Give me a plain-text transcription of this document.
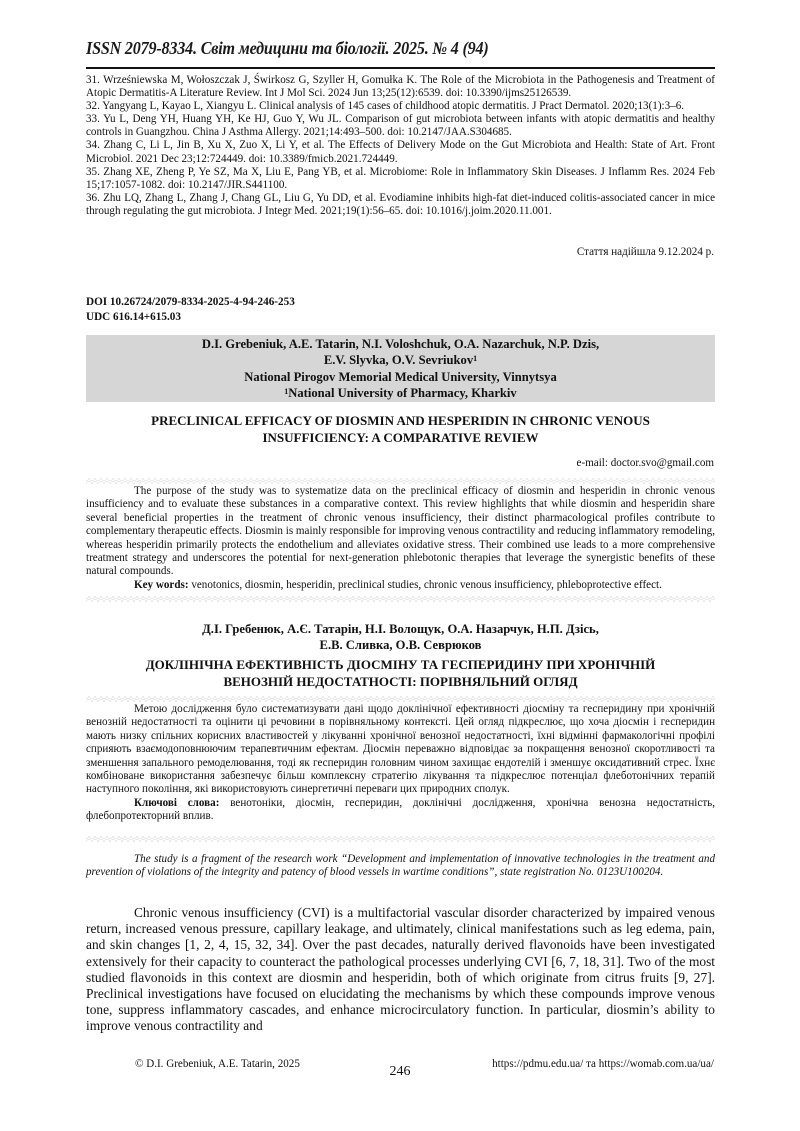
ISSN 2079-8334. Світ медицини та біології. 2025. № 4 (94)

31. Wrześniewska M, Wołoszczak J, Świrkosz G, Szyller H, Gomułka K. The Role of the Microbiota in the Pathogenesis and Treatment of Atopic Dermatitis-A Literature Review. Int J Mol Sci. 2024 Jun 13;25(12):6539. doi: 10.3390/ijms25126539.

32. Yangyang L, Kayao L, Xiangyu L. Clinical analysis of 145 cases of childhood atopic dermatitis. J Pract Dermatol. 2020;13(1):3–6.

33. Yu L, Deng YH, Huang YH, Ke HJ, Guo Y, Wu JL. Comparison of gut microbiota between infants with atopic dermatitis and healthy controls in Guangzhou. China J Asthma Allergy. 2021;14:493–500. doi: 10.2147/JAA.S304685.

34. Zhang C, Li L, Jin B, Xu X, Zuo X, Li Y, et al. The Effects of Delivery Mode on the Gut Microbiota and Health: State of Art. Front Microbiol. 2021 Dec 23;12:724449. doi: 10.3389/fmicb.2021.724449.

35. Zhang XE, Zheng P, Ye SZ, Ma X, Liu E, Pang YB, et al. Microbiome: Role in Inflammatory Skin Diseases. J Inflamm Res. 2024 Feb 15;17:1057-1082. doi: 10.2147/JIR.S441100.

36. Zhu LQ, Zhang L, Zhang J, Chang GL, Liu G, Yu DD, et al. Evodiamine inhibits high-fat diet-induced colitis-associated cancer in mice through regulating the gut microbiota. J Integr Med. 2021;19(1):56–65. doi: 10.1016/j.joim.2020.11.001.

Стаття надійшла 9.12.2024 р.
DOI 10.26724/2079-8334-2025-4-94-246-253
UDC 616.14+615.03
D.I. Grebeniuk, A.E. Tatarin, N.I. Voloshchuk, O.A. Nazarchuk, N.P. Dzis,
E.V. Slyvka, O.V. Sevriukov$^1$
National Pirogov Memorial Medical University, Vinnytsya
$^1$National University of Pharmacy, Kharkiv
PRECLINICAL EFFICACY OF DIOSMIN AND HESPERIDIN IN CHRONIC VENOUS
INSUFFICIENCY: A COMPARATIVE REVIEW
e-mail: doctor.svo@gmail.com

The purpose of the study was to systematize data on the preclinical efficacy of diosmin and hesperidin in chronic venous insufficiency and to evaluate these substances in a comparative context. This review highlights that while diosmin and hesperidin share several beneficial properties in the treatment of chronic venous insufficiency, their distinct pharmacological profiles contribute to complementary therapeutic effects. Diosmin is mainly responsible for improving venous contractility and reducing inflammatory remodeling, whereas hesperidin primarily protects the endothelium and alleviates oxidative stress. Their combined use leads to a more comprehensive treatment strategy and underscores the potential for next-generation phlebotonic therapies that leverage the synergistic benefits of these natural compounds.

Key words: venotonics, diosmin, hesperidin, preclinical studies, chronic venous insufficiency, phleboprotective effect.

Д.І. Гребенюк, А.Є. Татарін, Н.І. Волощук, О.А. Назарчук, Н.П. Дзісь,
Е.В. Сливка, О.В. Севрюков
ДОКЛІНІЧНА ЕФЕКТИВНІСТЬ ДІОСМІНУ ТА ГЕСПЕРИДИНУ ПРИ ХРОНІЧНІЙ
ВЕНОЗНІЙ НЕДОСТАТНОСТІ: ПОРІВНЯЛЬНИЙ ОГЛЯД

Метою дослідження було систематизувати дані щодо доклінічної ефективності діосміну та гесперидину при хронічній венозній недостатності та оцінити ці речовини в порівняльному контексті. Цей огляд підкреслює, що хоча діосмін і гесперидин мають низку спільних корисних властивостей у лікуванні хронічної венозної недостатності, їхні відмінні фармакологічні профілі сприяють взаємодоповнюючим терапевтичним ефектам. Діосмін переважно відповідає за покращення венозної скоротливості та зменшення запального ремоделювання, тоді як гесперидин головним чином захищає ендотелій і зменшує оксидативний стрес. Їхнє комбіноване використання забезпечує більш комплексну стратегію лікування та підкреслює потенціал флеботонічних терапій наступного покоління, які використовують синергетичні переваги цих природних сполук.

Ключові слова: венотоніки, діосмін, гесперидин, доклінічні дослідження, хронічна венозна недостатність, флебопротекторний вплив.

The study is a fragment of the research work “Development and implementation of innovative technologies in the treatment and prevention of violations of the integrity and patency of blood vessels in wartime conditions”, state registration No. 0123U100204.

Chronic venous insufficiency (CVI) is a multifactorial vascular disorder characterized by impaired venous return, increased venous pressure, capillary leakage, and ultimately, clinical manifestations such as leg edema, pain, and skin changes [1, 2, 4, 15, 32, 34]. Over the past decades, naturally derived flavonoids have been investigated extensively for their capacity to counteract the pathological processes underlying CVI [6, 7, 18, 31]. Two of the most studied flavonoids in this context are diosmin and hesperidin, both of which originate from citrus fruits [9, 27]. Preclinical investigations have focused on elucidating the mechanisms by which these compounds improve venous tone, suppress inflammatory cascades, and enhance microcirculatory function. In particular, diosmin’s ability to improve venous contractility and

© D.I. Grebeniuk, A.E. Tatarin, 2025	246	https://pdmu.edu.ua/ та https://womab.com.ua/ua/
